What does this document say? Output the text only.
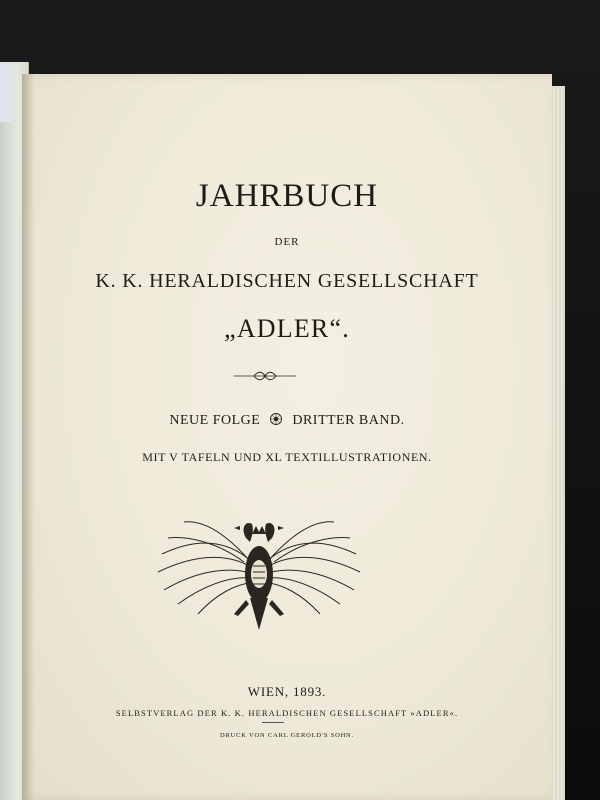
JAHRBUCH
DER
K. K. HERALDISCHEN GESELLSCHAFT
„ADLER“.
NEUE FOLGE DRITTER BAND.
MIT V TAFELN UND XL TEXTILLUSTRATIONEN.
WIEN, 1893.
SELBSTVERLAG DER K. K. HERALDISCHEN GESELLSCHAFT »ADLER«.
DRUCK VON CARL GEROLD'S SOHN.
